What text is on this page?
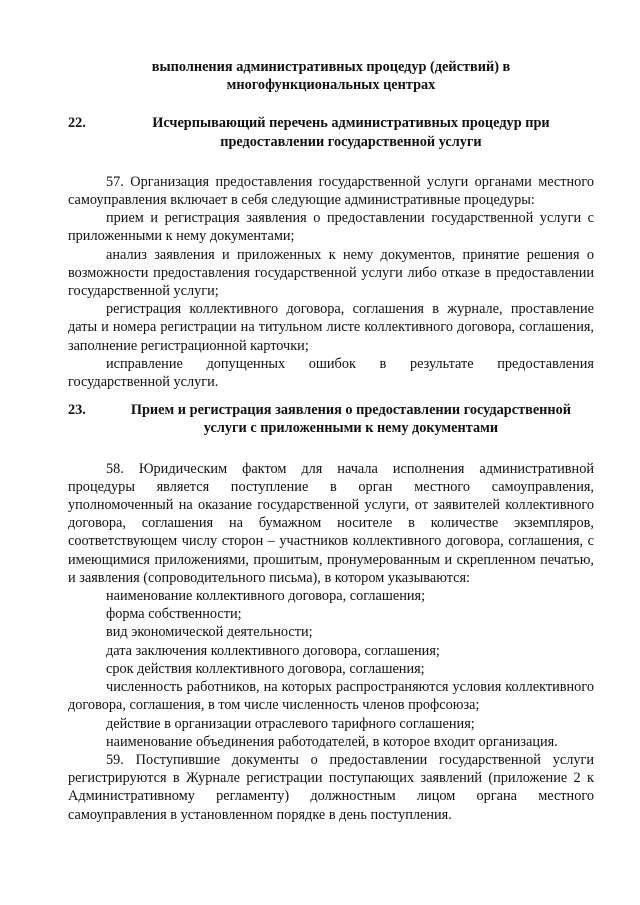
выполнения административных процедур (действий) в

многофункциональных центрах

22.	Исчерпывающий перечень административных процедур при предоставлении государственной услуги

57. Организация предоставления государственной услуги органами местного самоуправления включает в себя следующие административные процедуры:

прием и регистрация заявления о предоставлении государственной услуги с приложенными к нему документами;

анализ заявления и приложенных к нему документов, принятие решения о возможности предоставления государственной услуги либо отказе в предоставлении государственной услуги;

регистрация коллективного договора, соглашения в журнале, проставление даты и номера регистрации на титульном листе коллективного договора, соглашения, заполнение регистрационной карточки;

исправление допущенных ошибок в результате предоставления государственной услуги.

23.	Прием и регистрация заявления о предоставлении государственной услуги с приложенными к нему документами

58. Юридическим фактом для начала исполнения административной процедуры является поступление в орган местного самоуправления, уполномоченный на оказание государственной услуги, от заявителей коллективного договора, соглашения на бумажном носителе в количестве экземпляров, соответствующем числу сторон – участников коллективного договора, соглашения, с имеющимися приложениями, прошитым, пронумерованным и скрепленном печатью, и заявления (сопроводительного письма), в котором указываются:

наименование коллективного договора, соглашения;

форма собственности;

вид экономической деятельности;

дата заключения коллективного договора, соглашения;

срок действия коллективного договора, соглашения;

численность работников, на которых распространяются условия коллективного договора, соглашения, в том числе численность членов профсоюза;

действие в организации отраслевого тарифного соглашения;

наименование объединения работодателей, в которое входит организация.

59. Поступившие документы о предоставлении государственной услуги регистрируются в Журнале регистрации поступающих заявлений (приложение 2 к Административному регламенту) должностным лицом органа местного самоуправления в установленном порядке в день поступления.
